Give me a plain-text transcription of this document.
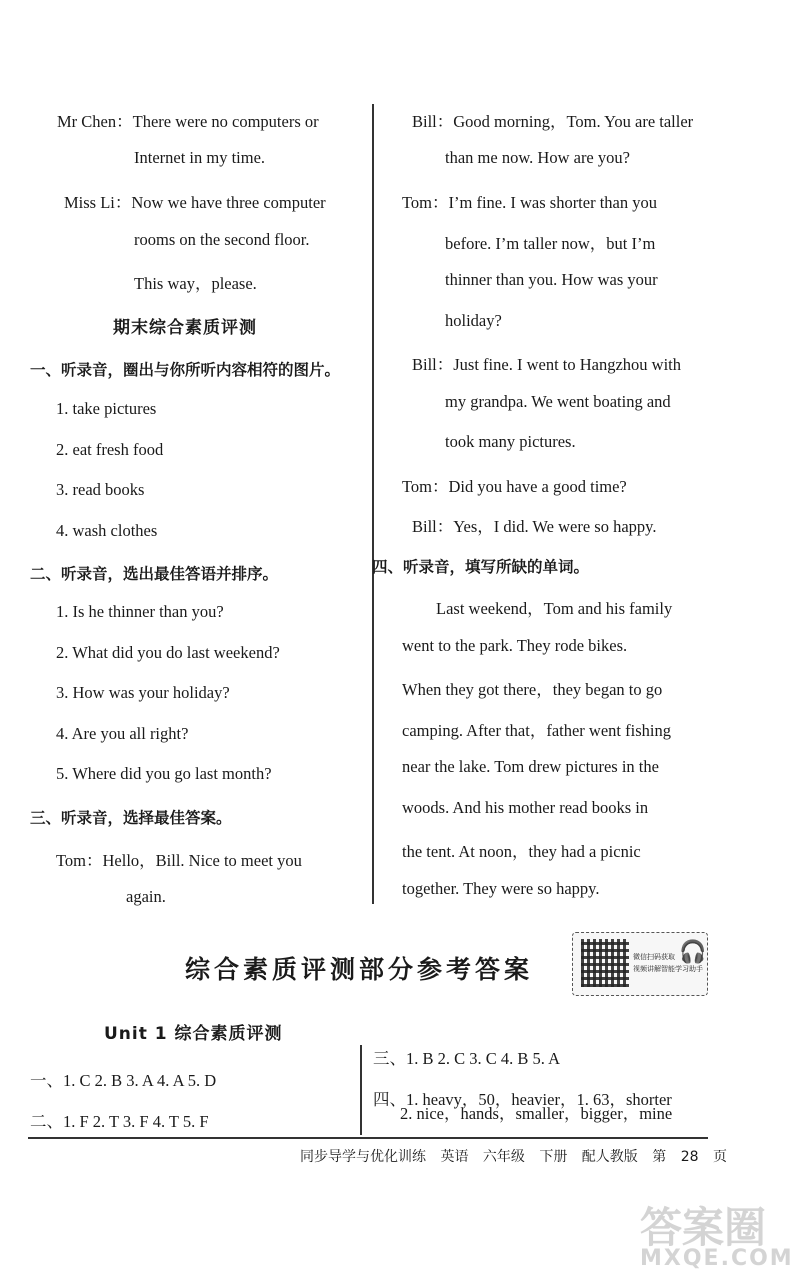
Mr Chen：There were no computers or
Internet in my time.
Miss Li：Now we have three computer
rooms on the second floor.
This way，please.
期末综合素质评测
一、听录音，圈出与你所听内容相符的图片。
1. take pictures
2. eat fresh food
3. read books
4. wash clothes
二、听录音，选出最佳答语并排序。
1. Is he thinner than you?
2. What did you do last weekend?
3. How was your holiday?
4. Are you all right?
5. Where did you go last month?
三、听录音，选择最佳答案。
Tom：Hello，Bill. Nice to meet you
again.
Bill：Good morning，Tom. You are taller
than me now. How are you?
Tom：I’m fine. I was shorter than you
before. I’m taller now，but I’m
thinner than you. How was your
holiday?
Bill：Just fine. I went to Hangzhou with
my grandpa. We went boating and
took many pictures.
Tom：Did you have a good time?
Bill：Yes，I did. We were so happy.
四、听录音，填写所缺的单词。
Last weekend，Tom and his family
went to the park. They rode bikes.
When they got there，they began to go
camping. After that，father went fishing
near the lake. Tom drew pictures in the
woods. And his mother read books in
the tent. At noon，they had a picnic
together. They were so happy.
综合素质评测部分参考答案	微信扫码获取
视频讲解智能学习助手
🎧
Unit 1 综合素质评测
一、1. C 2. B 3. A 4. A 5. D
二、1. F 2. T 3. F 4. T 5. F
三、1. B 2. C 3. C 4. B 5. A
四、1. heavy，50，heavier，1. 63，shorter
2. nice，hands，smaller，bigger，mine
同步导学与优化训练 英语 六年级 下册 配人教版 第 28 页
答案圈
MXQE.COM
